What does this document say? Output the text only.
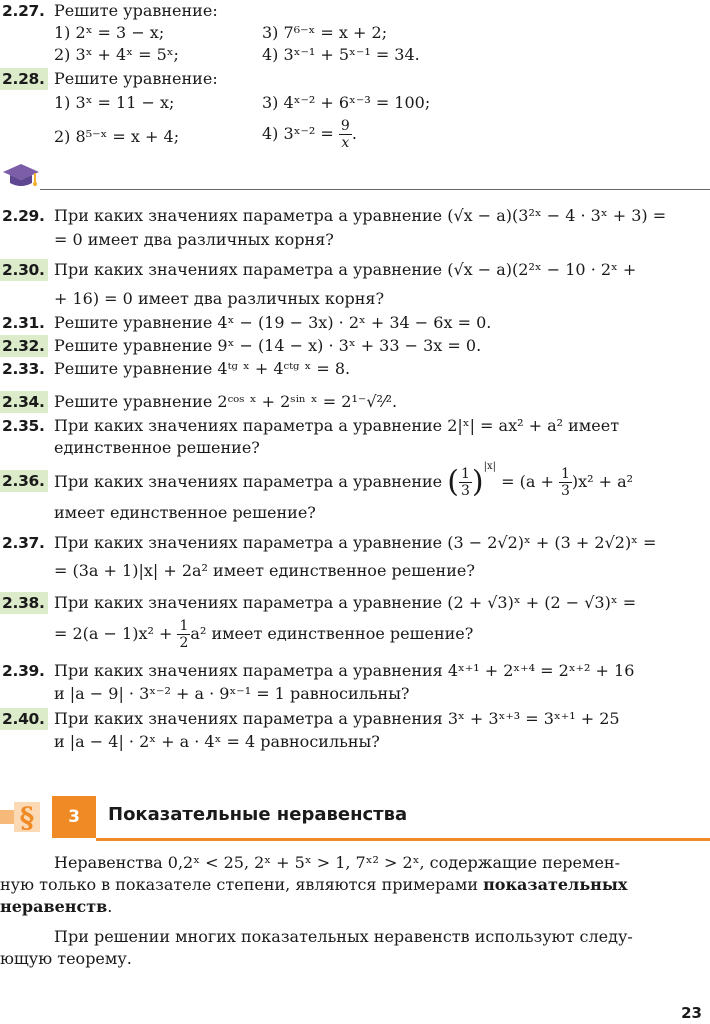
2.27. Решите уравнение:
1) 2ˣ = 3 − x;	3) 7⁶⁻ˣ = x + 2;
2) 3ˣ + 4ˣ = 5ˣ;	4) 3ˣ⁻¹ + 5ˣ⁻¹ = 34.
2.28. Решите уравнение:
1) 3ˣ = 11 − x;	3) 4ˣ⁻² + 6ˣ⁻³ = 100;
2) 8⁵⁻ˣ = x + 4;	4) 3ˣ⁻² = $\frac{9}{x}$ .
2.29. При каких значениях параметра a уравнение (√x − a)(3²ˣ − 4 · 3ˣ + 3) =
= 0 имеет два различных корня?
2.30. При каких значениях параметра a уравнение (√x − a)(2²ˣ − 10 · 2ˣ +
+ 16) = 0 имеет два различных корня?
2.31. Решите уравнение 4ˣ − (19 − 3x) · 2ˣ + 34 − 6x = 0.
2.32. Решите уравнение 9ˣ − (14 − x) · 3ˣ + 33 − 3x = 0.
2.33. Решите уравнение 4ᵗᵍ ˣ + 4ᶜᵗᵍ ˣ = 8.
2.34. Решите уравнение 2ᶜᵒˢ ˣ + 2ˢⁱⁿ ˣ = 2¹⁻√²⁄².
2.35. При каких значениях параметра a уравнение 2|ˣ| = ax² + a² имеет
единственное решение?
2.36. При каких значениях параметра a уравнение ( $\frac{1}{3} )^{|x|} = (a + \frac{1}{3} )x^2 + a^2$
имеет единственное решение?
2.37. При каких значениях параметра a уравнение (3 − 2√2)ˣ + (3 + 2√2)ˣ =
= (3a + 1)|x| + 2a² имеет единственное решение?
2.38. При каких значениях параметра a уравнение (2 + √3)ˣ + (2 − √3)ˣ =
= $2(a - 1)x^2 + \frac{1}{2} a^2$ имеет единственное решение?
2.39. При каких значениях параметра a уравнения 4ˣ⁺¹ + 2ˣ⁺⁴ = 2ˣ⁺² + 16
и |a − 9| · 3ˣ⁻² + a · 9ˣ⁻¹ = 1 равносильны?
2.40. При каких значениях параметра a уравнения 3ˣ + 3ˣ⁺³ = 3ˣ⁺¹ + 25
и |a − 4| · 2ˣ + a · 4ˣ = 4 равносильны?
§	3	Показательные неравенства
Неравенства 0,2ˣ < 25, 2ˣ + 5ˣ > 1, 7ˣ² > 2ˣ, содержащие перемен-
ную только в показателе степени, являются примерами показательных
неравенств.
При решении многих показательных неравенств используют следу-
ющую теорему.
23
